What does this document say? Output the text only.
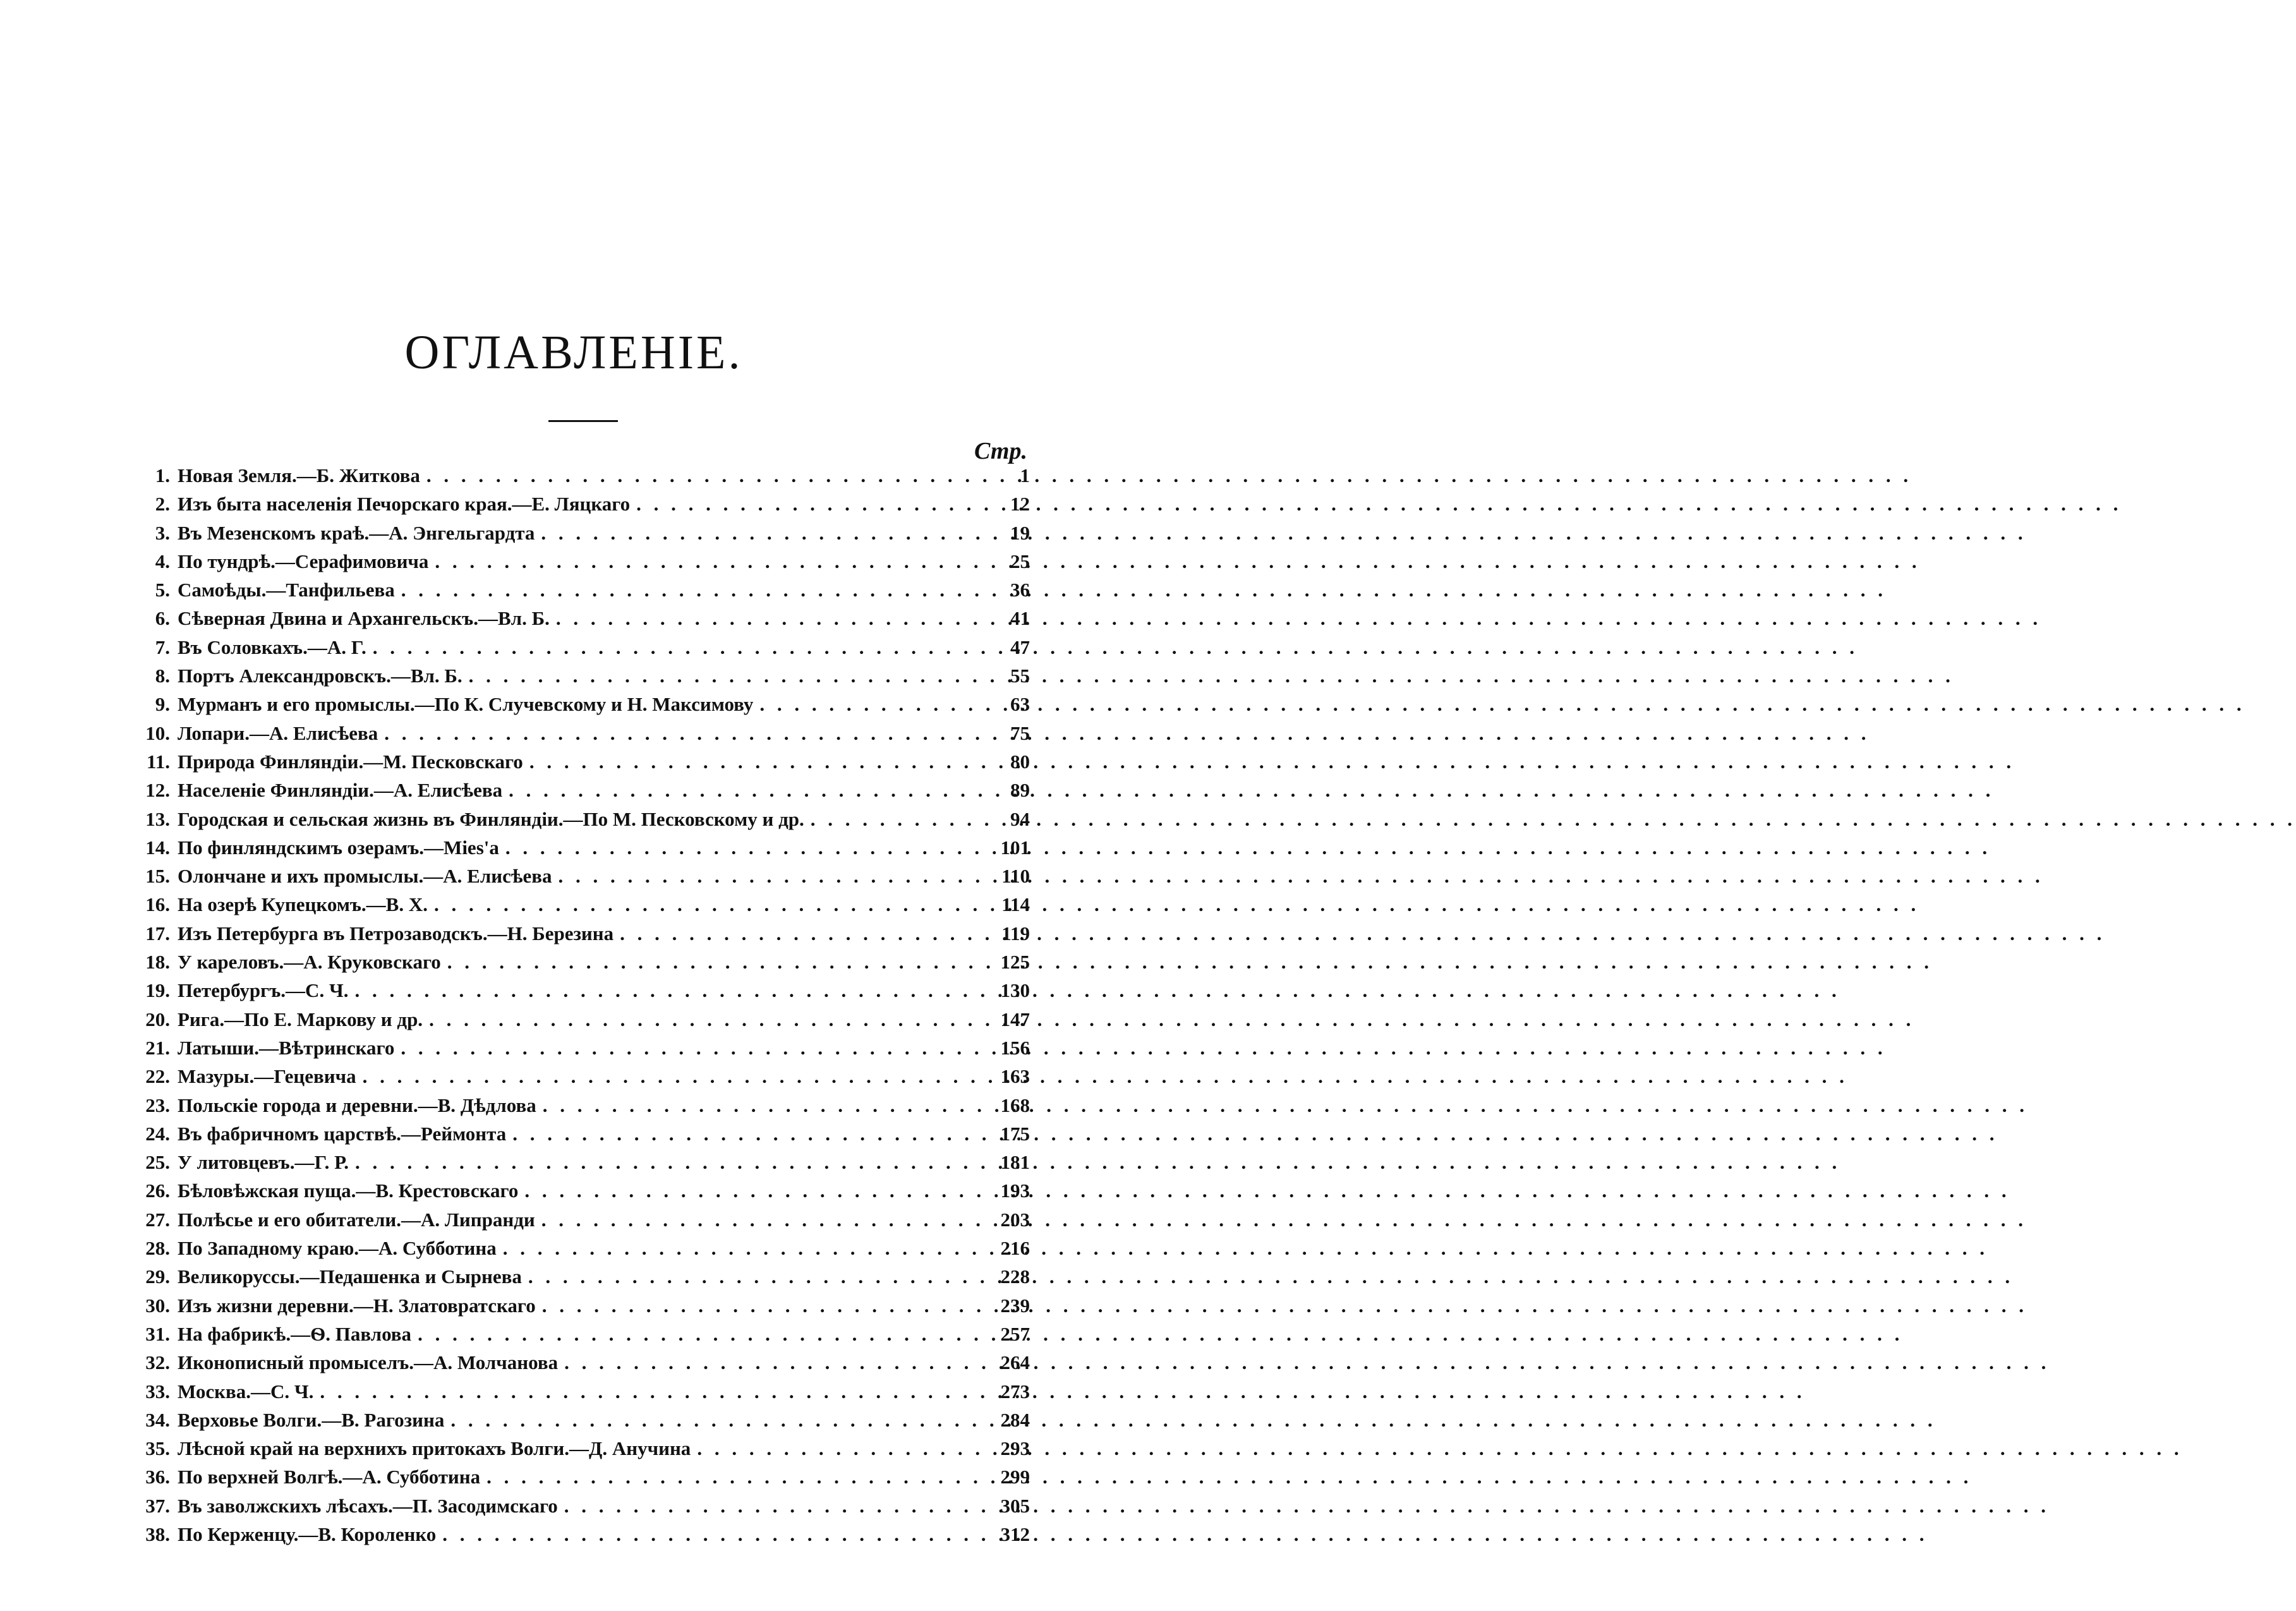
ОГЛАВЛЕНIЕ.
Стр.
1. Новая Земля.—Б. Житкова . . .	1
2. Изъ быта населенія Печорскаго края.—Е. Ляцкаго . . .	12
3. Въ Мезенскомъ краѣ.—А. Энгельгардта . . .	19
4. По тундрѣ.—Серафимовича . . .	25
5. Самоѣды.—Танфильева . . .	36
6. Сѣверная Двина и Архангельскъ.—Вл. Б. . . .	41
7. Въ Соловкахъ.—А. Г. . . .	47
8. Портъ Александровскъ.—Вл. Б. . . .	55
9. Мурманъ и его промыслы.—По К. Случевскому и Н. Максимову . . .	63
10. Лопари.—А. Елисѣева . . .	75
11. Природа Финляндіи.—М. Песковскаго . . .	80
12. Населеніе Финляндіи.—А. Елисѣева . . .	89
13. Городская и сельская жизнь въ Финляндіи.—По М. Песковскому и др. . . .	94
14. По финляндскимъ озерамъ.—Mies'a . . .	101
15. Олончане и ихъ промыслы.—А. Елисѣева . . .	110
16. На озерѣ Купецкомъ.—В. Х. . . .	114
17. Изъ Петербурга въ Петрозаводскъ.—Н. Березина . . .	119
18. У кареловъ.—А. Круковскаго . . .	125
19. Петербургъ.—С. Ч. . . .	130
20. Рига.—По Е. Маркову и др. . . .	147
21. Латыши.—Вѣтринскаго . . .	156
22. Мазуры.—Гецевича . . .	163
23. Польскіе города и деревни.—В. Дѣдлова . . .	168
24. Въ фабричномъ царствѣ.—Реймонта . . .	175
25. У литовцевъ.—Г. Р. . . .	181
26. Бѣловѣжская пуща.—В. Крестовскаго . . .	193
27. Полѣсье и его обитатели.—А. Липранди . . .	203
28. По Западному краю.—А. Субботина . . .	216
29. Великоруссы.—Педашенка и Сырнева . . .	228
30. Изъ жизни деревни.—Н. Златовратскаго . . .	239
31. На фабрикѣ.—Ѳ. Павлова . . .	257
32. Иконописный промыселъ.—А. Молчанова . . .	264
33. Москва.—С. Ч. . . .	273
34. Верховье Волги.—В. Рагозина . . .	284
35. Лѣсной край на верхнихъ притокахъ Волги.—Д. Анучина . . .	293
36. По верхней Волгѣ.—А. Субботина . . .	299
37. Въ заволжскихъ лѣсахъ.—П. Засодимскаго . . .	305
38. По Керженцу.—В. Короленко . . .	312
